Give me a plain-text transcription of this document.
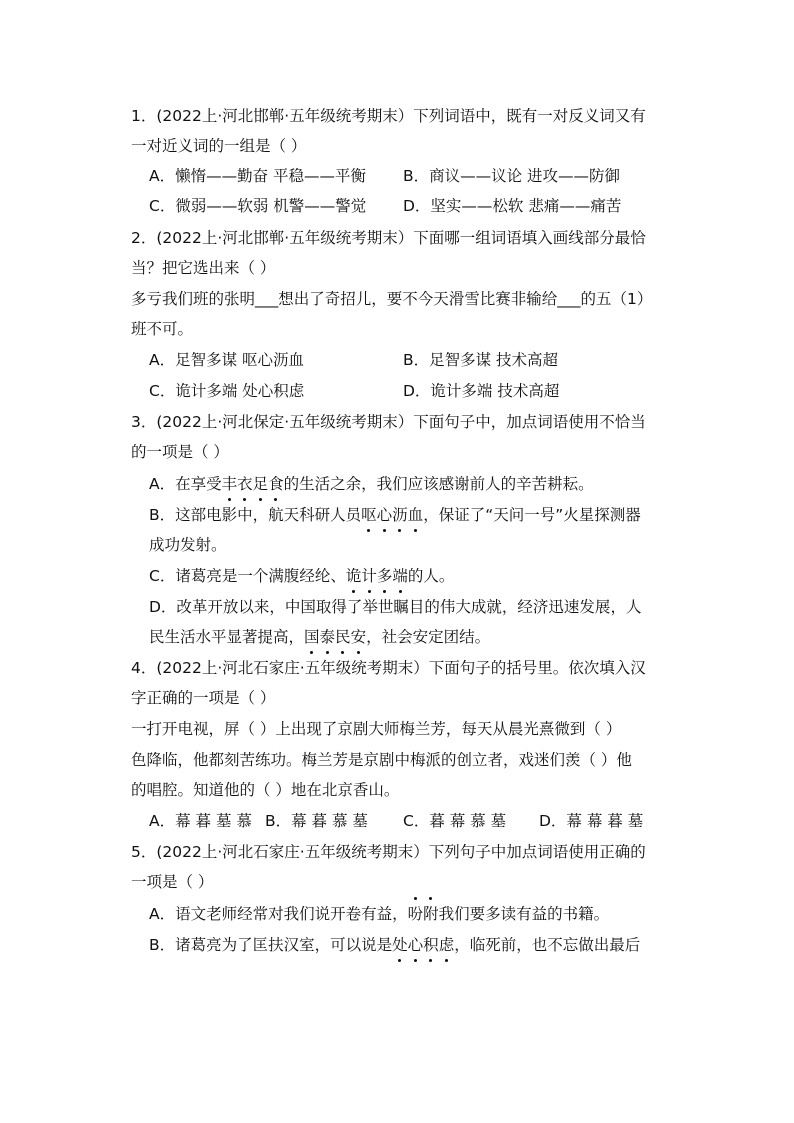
1．(2022上·河北邯郸·五年级统考期末）下列词语中，既有一对反义词又有
一对近义词的一组是（ ）
A．懒惰——勤奋 平稳——平衡 B．商议——议论 进攻——防御
C．微弱——软弱 机警——警觉 D．坚实——松软 悲痛——痛苦
2．(2022上·河北邯郸·五年级统考期末）下面哪一组词语填入画线部分最恰
当？把它选出来（ ）
多亏我们班的张明___想出了奇招儿，要不今天滑雪比赛非输给___的五（1）
班不可。
A．足智多谋 呕心沥血	B．足智多谋 技术高超
C．诡计多端 处心积虑	D．诡计多端 技术高超
3．(2022上·河北保定·五年级统考期末）下面句子中，加点词语使用不恰当
的一项是（ ）
A．在享受丰衣足食的生活之余，我们应该感谢前人的辛苦耕耘。
B．这部电影中，航天科研人员呕心沥血，保证了“天问一号”火星探测器
成功发射。
C．诸葛亮是一个满腹经纶、诡计多端的人。
D．改革开放以来，中国取得了举世瞩目的伟大成就，经济迅速发展，人
民生活水平显著提高，国泰民安，社会安定团结。
4．(2022上·河北石家庄·五年级统考期末）下面句子的括号里。依次填入汉
字正确的一项是（ ）
一打开电视，屏（ ）上出现了京剧大师梅兰芳，每天从晨光熹微到（ ）
色降临，他都刻苦练功。梅兰芳是京剧中梅派的创立者，戏迷们羡（ ）他
的唱腔。知道他的（ ）地在北京香山。
A．幕 暮 墓 慕 B．幕 暮 慕 墓 C．暮 幕 慕 墓 D．幕 幕 暮 墓
5．(2022上·河北石家庄·五年级统考期末）下列句子中加点词语使用正确的
一项是（ ）
A．语文老师经常对我们说开卷有益，吩附我们要多读有益的书籍。
B．诸葛亮为了匡扶汉室，可以说是处心积虑，临死前，也不忘做出最后
